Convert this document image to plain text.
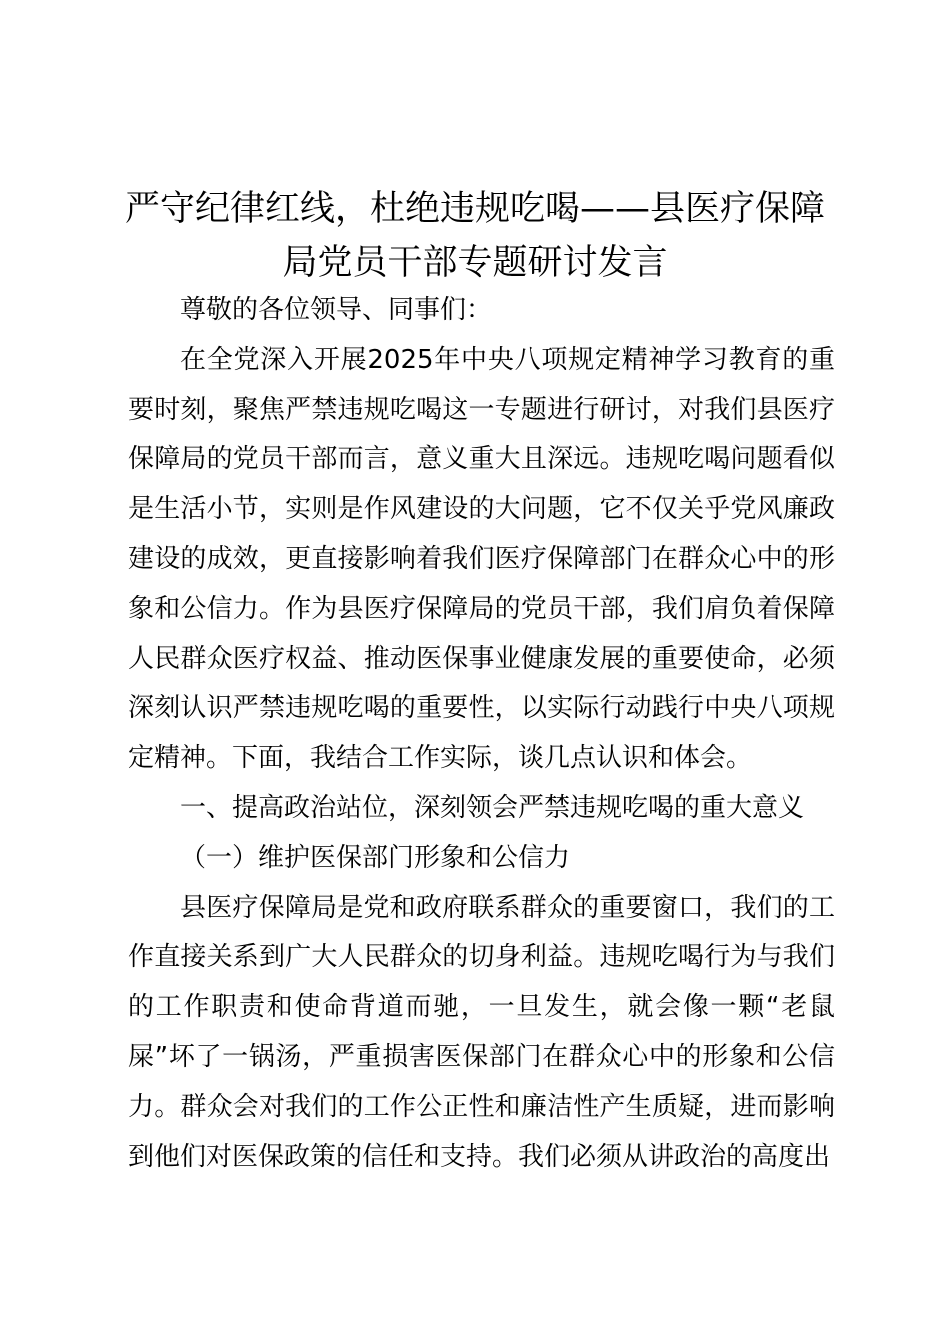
严守纪律红线，杜绝违规吃喝——县医疗保障局党员干部专题研讨发言

尊敬的各位领导、同事们：

在全党深入开展2025年中央八项规定精神学习教育的重要时刻，聚焦严禁违规吃喝这一专题进行研讨，对我们县医疗保障局的党员干部而言，意义重大且深远。违规吃喝问题看似是生活小节，实则是作风建设的大问题，它不仅关乎党风廉政建设的成效，更直接影响着我们医疗保障部门在群众心中的形象和公信力。作为县医疗保障局的党员干部，我们肩负着保障人民群众医疗权益、推动医保事业健康发展的重要使命，必须深刻认识严禁违规吃喝的重要性，以实际行动践行中央八项规定精神。下面，我结合工作实际，谈几点认识和体会。

一、提高政治站位，深刻领会严禁违规吃喝的重大意义

（一）维护医保部门形象和公信力

县医疗保障局是党和政府联系群众的重要窗口，我们的工作直接关系到广大人民群众的切身利益。违规吃喝行为与我们的工作职责和使命背道而驰，一旦发生，就会像一颗“老鼠屎”坏了一锅汤，严重损害医保部门在群众心中的形象和公信力。群众会对我们的工作公正性和廉洁性产生质疑，进而影响到他们对医保政策的信任和支持。我们必须从讲政治的高度出
